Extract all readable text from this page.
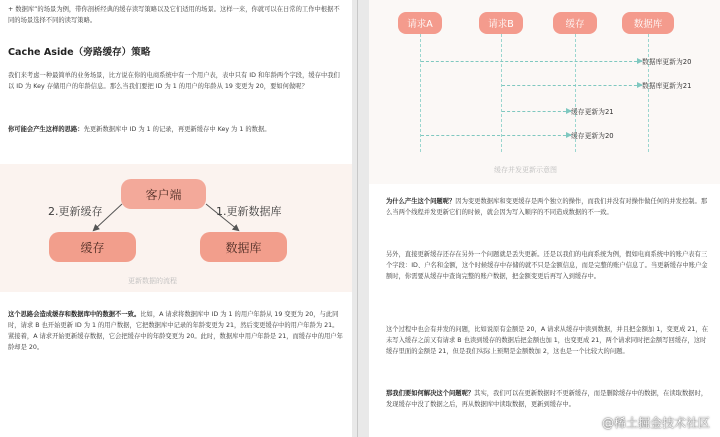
+ 数据库”的场景为例，带你剖析经典的缓存读写策略以及它们适用的场景。这样一来，你就可以在日常的工作中根据不同的场景选择不同的读写策略。
Cache Aside（旁路缓存）策略
我们来考虑一种最简单的业务场景，比方说在你的电商系统中有一个用户表，表中只有 ID 和年龄两个字段，缓存中我们以 ID 为 Key 存储用户的年龄信息。那么当我们要把 ID 为 1 的用户的年龄从 19 变更为 20，要如何做呢？
你可能会产生这样的思路：先更新数据库中 ID 为 1 的记录，再更新缓存中 Key 为 1 的数据。
客户端
缓存	数据库
2.更新缓存	1.更新数据库
更新数据的流程
这个思路会造成缓存和数据库中的数据不一致。比如，A 请求将数据库中 ID 为 1 的用户年龄从 19 变更为 20，与此同时，请求 B 也开始更新 ID 为 1 的用户数据，它把数据库中记录的年龄变更为 21，然后变更缓存中的用户年龄为 21。紧接着，A 请求开始更新缓存数据，它会把缓存中的年龄变更为 20。此时，数据库中用户年龄是 21，而缓存中的用户年龄却是 20。
请求A	请求B	缓存	数据库
数据库更新为20
数据库更新为21
缓存更新为21
缓存更新为20
缓存并发更新示意图
为什么产生这个问题呢？因为变更数据库和变更缓存是两个独立的操作，而我们并没有对操作做任何的并发控制。那么当两个线程并发更新它们的时候，就会因为写入顺序的不同造成数据的不一致。
另外，直接更新缓存还存在另外一个问题就是丢失更新。还是以我们的电商系统为例，假如电商系统中的账户表有三个字段：ID、户名和金额，这个时候缓存中存储的就不只是金额信息，而是完整的账户信息了。当更新缓存中账户金额时，你需要从缓存中查询完整的账户数据，把金额变更后再写入到缓存中。
这个过程中也会有并发的问题，比如说原有金额是 20，A 请求从缓存中读到数据，并且把金额加 1，变更成 21，在未写入缓存之前又有请求 B 也读到缓存的数据后把金额也加 1，也变更成 21，两个请求同时把金额写回缓存，这时缓存里面的金额是 21，但是我们实际上预期是金额数加 2，这也是一个比较大的问题。
那我们要如何解决这个问题呢？其实，我们可以在更新数据时不更新缓存，而是删除缓存中的数据，在读取数据时，发现缓存中没了数据之后，再从数据库中读取数据，更新到缓存中。
@稀土掘金技术社区
